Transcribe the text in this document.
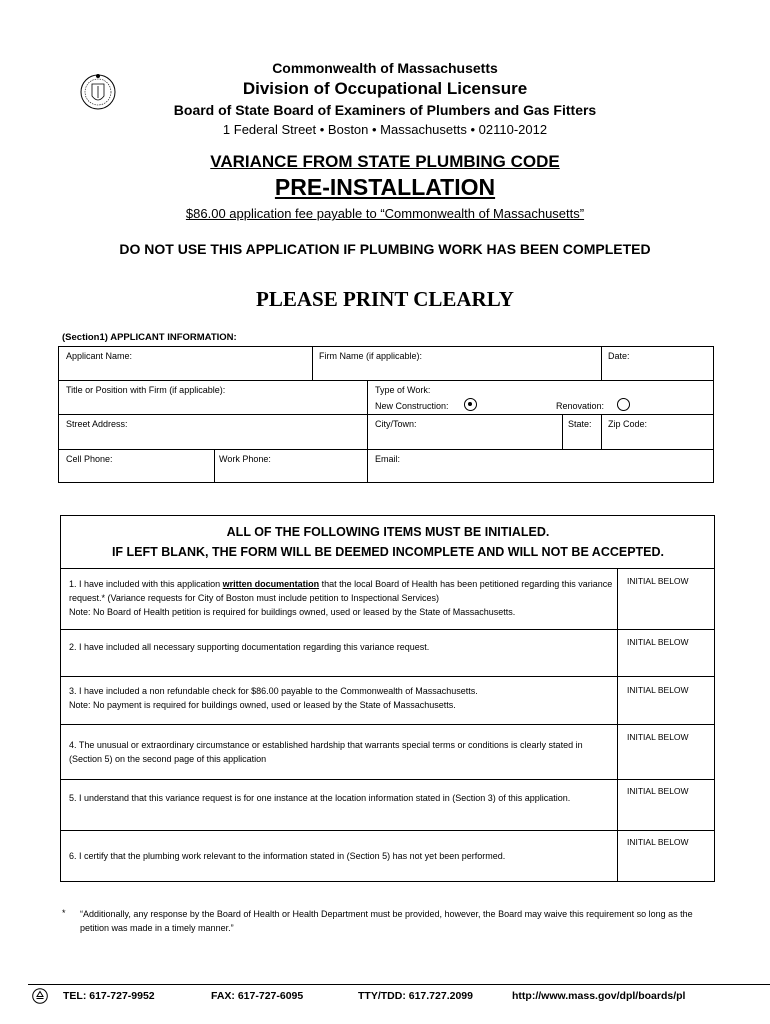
Commonwealth of Massachusetts
Division of Occupational Licensure
Board of State Board of Examiners of Plumbers and Gas Fitters
1 Federal Street • Boston • Massachusetts • 02110-2012
VARIANCE FROM STATE PLUMBING CODE
PRE-INSTALLATION
$86.00 application fee payable to “Commonwealth of Massachusetts”
DO NOT USE THIS APPLICATION IF PLUMBING WORK HAS BEEN COMPLETED
PLEASE PRINT CLEARLY
(Section1) APPLICANT INFORMATION:
Applicant Name:	Firm Name (if applicable):	Date:
Title or Position with Firm (if applicable):	Type of Work:
New Construction:	Renovation:
Street Address:	City/Town:	State: Zip Code:
Cell Phone:	Work Phone:	Email:
ALL OF THE FOLLOWING ITEMS MUST BE INITIALED.
IF LEFT BLANK, THE FORM WILL BE DEEMED INCOMPLETE AND WILL NOT BE ACCEPTED.
1. I have included with this application written documentation that the local Board of Health has been petitioned regarding this variance request.* (Variance requests for City of Boston must include petition to Inspectional Services)
Note: No Board of Health petition is required for buildings owned, used or leased by the State of Massachusetts.
INITIAL BELOW
2. I have included all necessary supporting documentation regarding this variance request.	INITIAL BELOW
3. I have included a non refundable check for $86.00 payable to the Commonwealth of Massachusetts.
Note: No payment is required for buildings owned, used or leased by the State of Massachusetts.
INITIAL BELOW
4. The unusual or extraordinary circumstance or established hardship that warrants special terms or conditions is clearly stated in (Section 5) on the second page of this application
INITIAL BELOW
5. I understand that this variance request is for one instance at the location information stated in (Section 3) of this application.
INITIAL BELOW
6. I certify that the plumbing work relevant to the information stated in (Section 5) has not yet been performed.
INITIAL BELOW
* “Additionally, any response by the Board of Health or Health Department must be provided, however, the Board may waive this requirement so long as the petition was made in a timely manner.”
TEL: 617-727-9952	FAX: 617-727-6095	TTY/TDD: 617.727.2099	http://www.mass.gov/dpl/boards/pl
